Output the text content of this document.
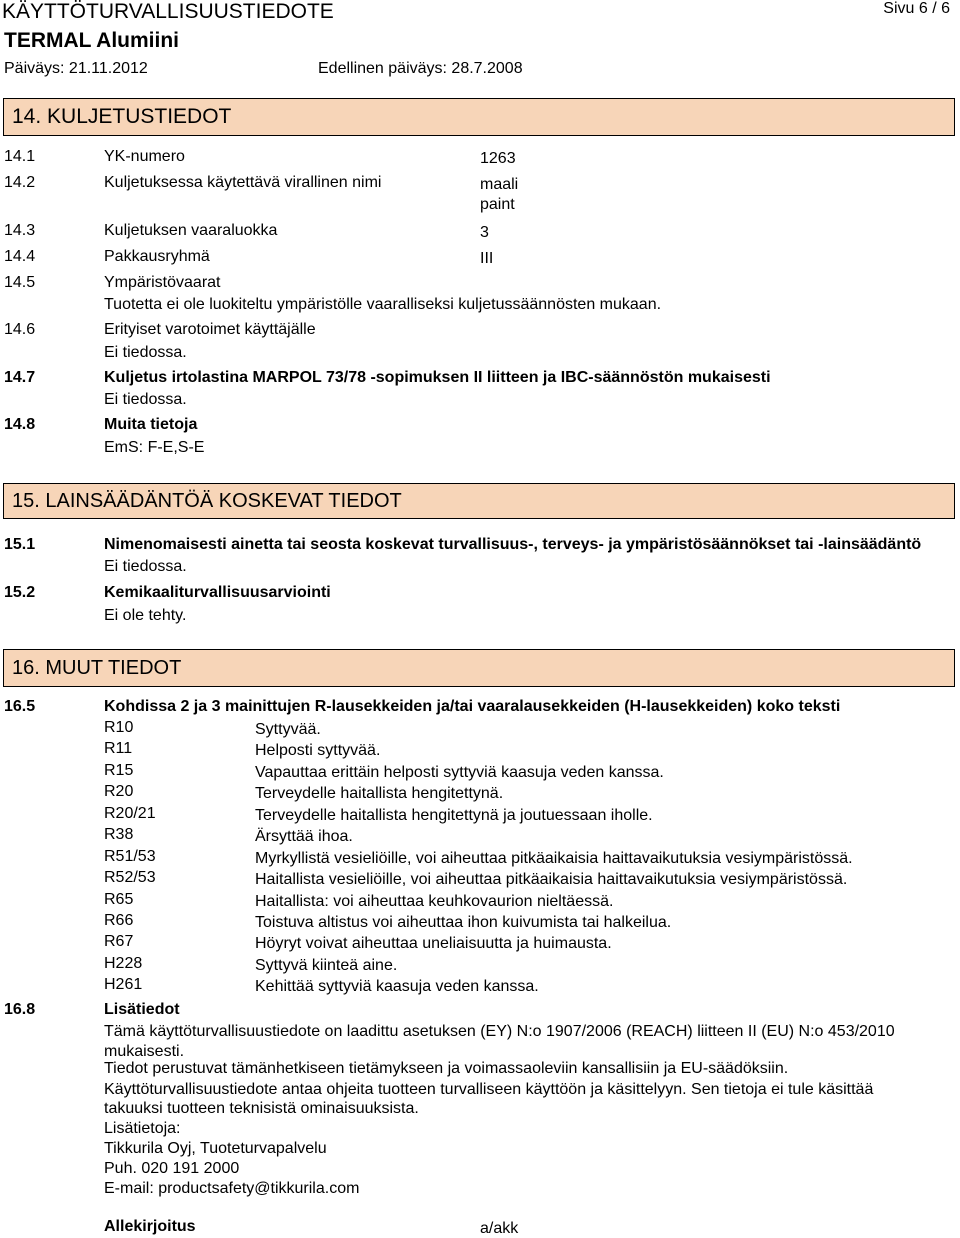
KÄYTTÖTURVALLISUUSTIEDOTE	Sivu 6 / 6
TERMAL Alumiini
Päiväys: 21.11.2012	Edellinen päiväys: 28.7.2008
14. KULJETUSTIEDOT
14.1	YK-numero	1263
14.2	Kuljetuksessa käytettävä virallinen nimi	maali
paint
14.3	Kuljetuksen vaaraluokka	3
14.4	Pakkausryhmä	III
14.5	Ympäristövaarat
Tuotetta ei ole luokiteltu ympäristölle vaaralliseksi kuljetussäännösten mukaan.
14.6	Erityiset varotoimet käyttäjälle
Ei tiedossa.
14.7	Kuljetus irtolastina MARPOL 73/78 -sopimuksen II liitteen ja IBC-säännöstön mukaisesti
Ei tiedossa.
14.8	Muita tietoja
EmS: F-E,S-E
15. LAINSÄÄDÄNTÖÄ KOSKEVAT TIEDOT
15.1	Nimenomaisesti ainetta tai seosta koskevat turvallisuus-, terveys- ja ympäristösäännökset tai -lainsäädäntö
Ei tiedossa.
15.2	Kemikaaliturvallisuusarviointi
Ei ole tehty.
16. MUUT TIEDOT
16.5	Kohdissa 2 ja 3 mainittujen R-lausekkeiden ja/tai vaaralausekkeiden (H-lausekkeiden) koko teksti
R10	Syttyvää.
R11	Helposti syttyvää.
R15	Vapauttaa erittäin helposti syttyviä kaasuja veden kanssa.
R20	Terveydelle haitallista hengitettynä.
R20/21	Terveydelle haitallista hengitettynä ja joutuessaan iholle.
R38	Ärsyttää ihoa.
R51/53	Myrkyllistä vesieliöille, voi aiheuttaa pitkäaikaisia haittavaikutuksia vesiympäristössä.
R52/53	Haitallista vesieliöille, voi aiheuttaa pitkäaikaisia haittavaikutuksia vesiympäristössä.
R65	Haitallista: voi aiheuttaa keuhkovaurion nieltäessä.
R66	Toistuva altistus voi aiheuttaa ihon kuivumista tai halkeilua.
R67	Höyryt voivat aiheuttaa uneliaisuutta ja huimausta.
H228	Syttyvä kiinteä aine.
H261	Kehittää syttyviä kaasuja veden kanssa.
16.8	Lisätiedot
Tämä käyttöturvallisuustiedote on laadittu asetuksen (EY) N:o 1907/2006 (REACH) liitteen II (EU) N:o 453/2010
mukaisesti.
Tiedot perustuvat tämänhetkiseen tietämykseen ja voimassaoleviin kansallisiin ja EU-säädöksiin.
Käyttöturvallisuustiedote antaa ohjeita tuotteen turvalliseen käyttöön ja käsittelyyn. Sen tietoja ei tule käsittää
takuuksi tuotteen teknisistä ominaisuuksista.
Lisätietoja:
Tikkurila Oyj, Tuoteturvapalvelu
Puh. 020 191 2000
E-mail: productsafety@tikkurila.com
Allekirjoitus	a/akk
